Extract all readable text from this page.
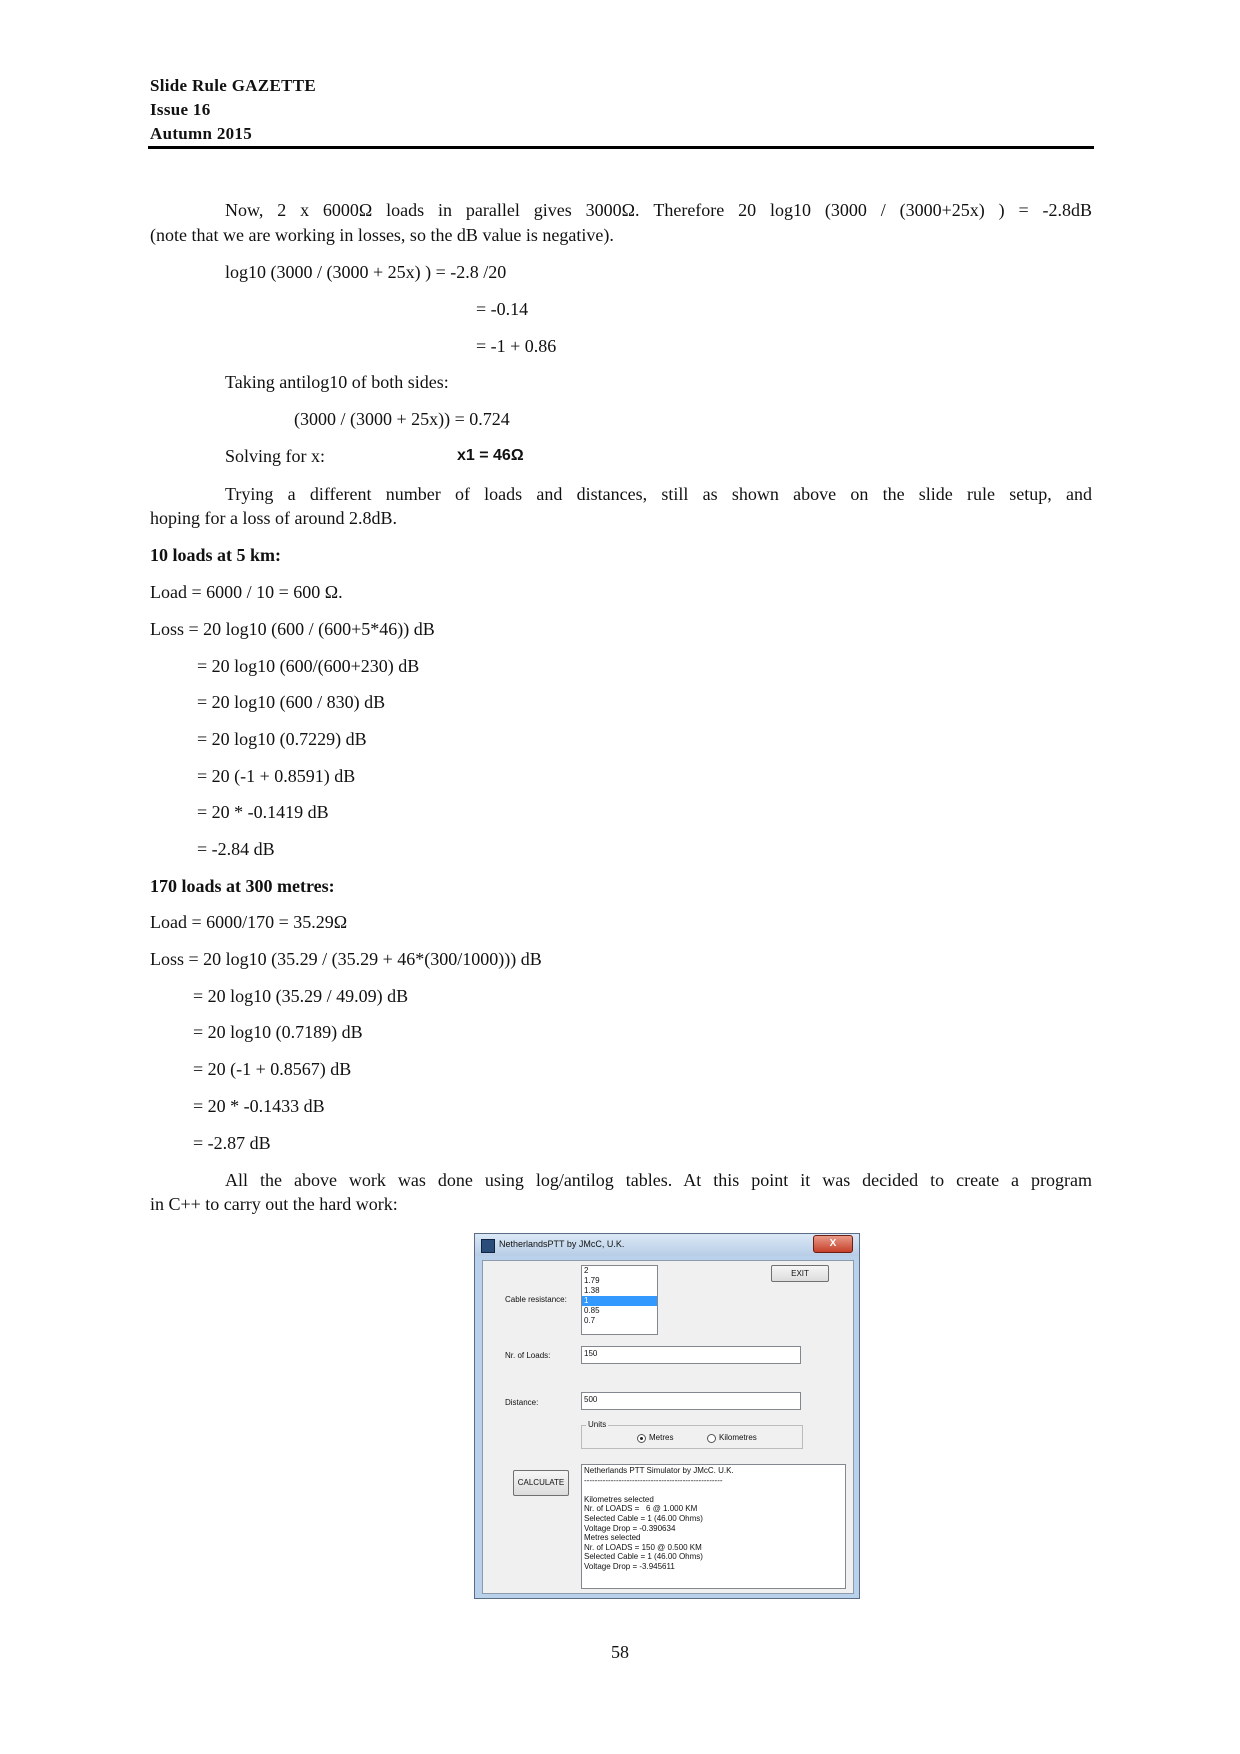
Slide Rule GAZETTE
Issue 16
Autumn 2015
Now, 2 x 6000Ω loads in parallel gives 3000Ω. Therefore 20 log10 (3000 / (3000+25x) ) = -2.8dB
(note that we are working in losses, so the dB value is negative).
log10 (3000 / (3000 + 25x) ) = -2.8 /20
= -0.14
= -1 + 0.86
Taking antilog10 of both sides:
(3000 / (3000 + 25x)) = 0.724
Solving for x:	x1 = 46Ω
Trying a different number of loads and distances, still as shown above on the slide rule setup, and
hoping for a loss of around 2.8dB.
10 loads at 5 km:
Load = 6000 / 10 = 600 Ω.
Loss = 20 log10 (600 / (600+5*46)) dB
= 20 log10 (600/(600+230) dB
= 20 log10 (600 / 830) dB
= 20 log10 (0.7229) dB
= 20 (-1 + 0.8591) dB
= 20 * -0.1419 dB
= -2.84 dB
170 loads at 300 metres:
Load = 6000/170 = 35.29Ω
Loss = 20 log10 (35.29 / (35.29 + 46*(300/1000))) dB
= 20 log10 (35.29 / 49.09) dB
= 20 log10 (0.7189) dB
= 20 (-1 + 0.8567) dB
= 20 * -0.1433 dB
= -2.87 dB
All the above work was done using log/antilog tables. At this point it was decided to create a program
in C++ to carry out the hard work:
NetherlandsPTT by JMcC, U.K.	X
Cable resistance:
2
1.79
1.38
1
0.85
0.7
EXIT
Nr. of Loads:	150
Distance:	500
Units
Metres	Kilometres
CALCULATE
Netherlands PTT Simulator by JMcC. U.K.
----------------------------------------------------
Kilometres selected
Nr. of LOADS =   6 @ 1.000 KM
Selected Cable = 1 (46.00 Ohms)
Voltage Drop = -0.390634
Metres selected
Nr. of LOADS = 150 @ 0.500 KM
Selected Cable = 1 (46.00 Ohms)
Voltage Drop = -3.945611
58
